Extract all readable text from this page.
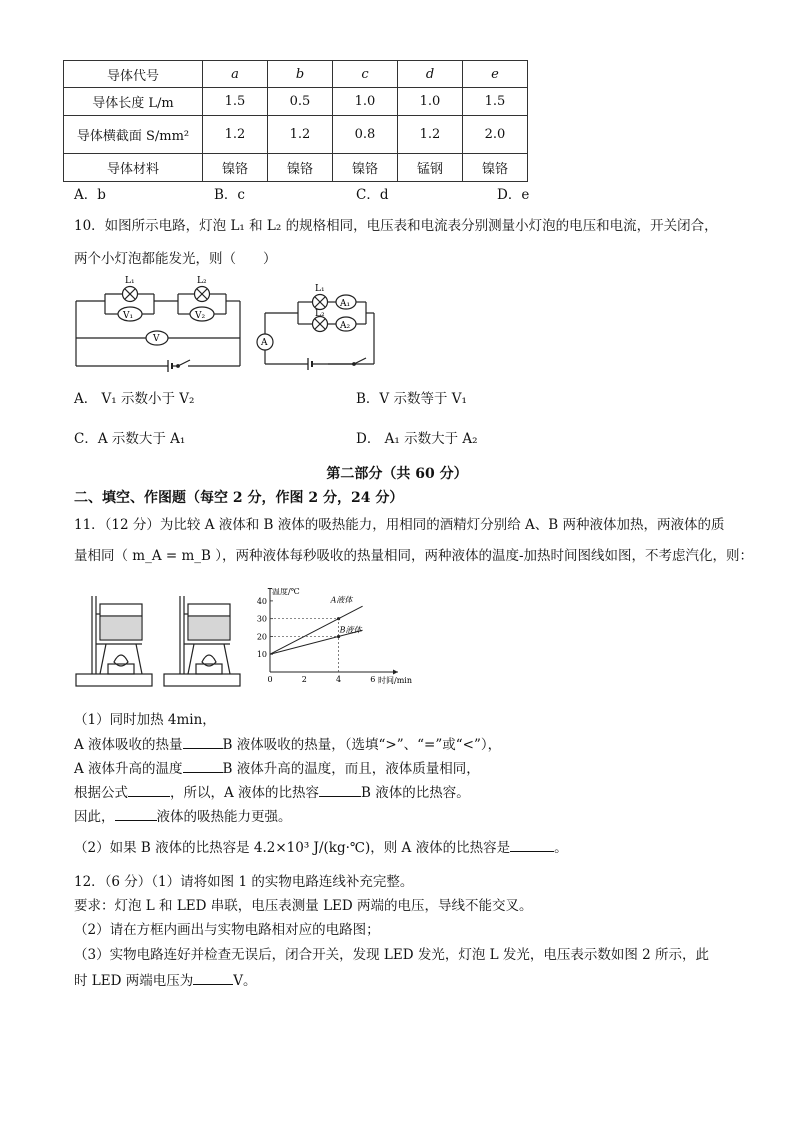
导体代号	a	b	c	d	e
导体长度 L/m	1.5	0.5	1.0	1.0	1.5
导体横截面 S/mm²	1.2	1.2	0.8	1.2	2.0
导体材料	镍铬	镍铬	镍铬	锰钢	镍铬
A．b	B．c	C．d	D．e
10．如图所示电路，灯泡 L₁ 和 L₂ 的规格相同，电压表和电流表分别测量小灯泡的电压和电流，开关闭合，
两个小灯泡都能发光，则（　　）
L₁	L₂
V₁	V₂
V
L₁
L₂
A₁
A₂
A
A． V₁ 示数小于 V₂	B．V 示数等于 V₁
C．A 示数大于 A₁	D． A₁ 示数大于 A₂
第二部分（共 60 分）
二、填空、作图题（每空 2 分，作图 2 分，24 分）
11．（12 分）为比较 A 液体和 B 液体的吸热能力，用相同的酒精灯分别给 A、B 两种液体加热，两液体的质
量相同（ m_A = m_B ），两种液体每秒吸收的热量相同，两种液体的温度-加热时间图线如图，不考虑汽化，则：
10
20
30
40
0	2	4	6
温度/℃
时间/min
A液体
B液体
（1）同时加热 4min，
A 液体吸收的热量	B 液体吸收的热量，（选填“>”、“=”或“<”），
A 液体升高的温度	B 液体升高的温度，而且，液体质量相同，
根据公式	，所以，A 液体的比热容	B 液体的比热容。
因此，	液体的吸热能力更强。
（2）如果 B 液体的比热容是 4.2×10³ J/(kg·℃)，则 A 液体的比热容是	。
12．（6 分）（1）请将如图 1 的实物电路连线补充完整。
要求：灯泡 L 和 LED 串联，电压表测量 LED 两端的电压，导线不能交叉。
（2）请在方框内画出与实物电路相对应的电路图；
（3）实物电路连好并检查无误后，闭合开关，发现 LED 发光，灯泡 L 发光，电压表示数如图 2 所示，此
时 LED 两端电压为	V。
